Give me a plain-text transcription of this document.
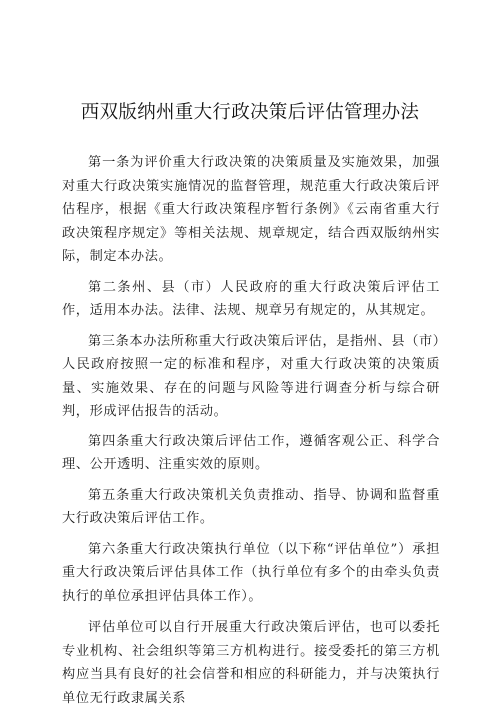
西双版纳州重大行政决策后评估管理办法

第一条为评价重大行政决策的决策质量及实施效果，加强对重大行政决策实施情况的监督管理，规范重大行政决策后评估程序，根据《重大行政决策程序暂行条例》《云南省重大行政决策程序规定》等相关法规、规章规定，结合西双版纳州实际，制定本办法。

第二条州、县（市）人民政府的重大行政决策后评估工作，适用本办法。法律、法规、规章另有规定的，从其规定。

第三条本办法所称重大行政决策后评估，是指州、县（市）人民政府按照一定的标准和程序，对重大行政决策的决策质量、实施效果、存在的问题与风险等进行调查分析与综合研判，形成评估报告的活动。

第四条重大行政决策后评估工作，遵循客观公正、科学合理、公开透明、注重实效的原则。

第五条重大行政决策机关负责推动、指导、协调和监督重大行政决策后评估工作。

第六条重大行政决策执行单位（以下称“评估单位”）承担重大行政决策后评估具体工作（执行单位有多个的由牵头负责执行的单位承担评估具体工作）。

评估单位可以自行开展重大行政决策后评估，也可以委托专业机构、社会组织等第三方机构进行。接受委托的第三方机构应当具有良好的社会信誉和相应的科研能力，并与决策执行单位无行政隶属关系
